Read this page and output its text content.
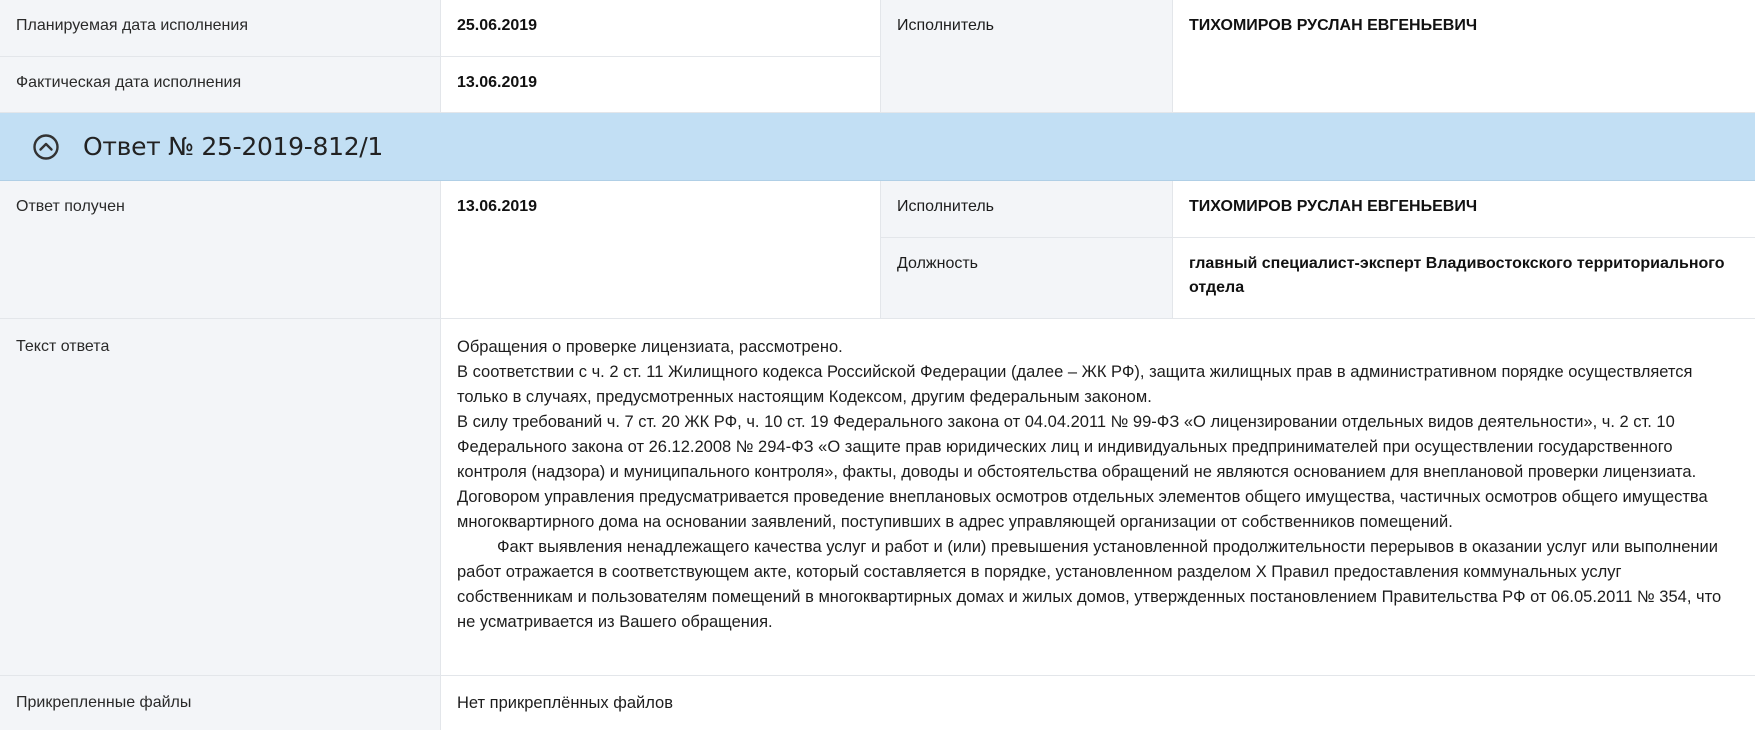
Планируемая дата исполнения	25.06.2019
Фактическая дата исполнения	13.06.2019
Исполнитель	ТИХОМИРОВ РУСЛАН ЕВГЕНЬЕВИЧ
Ответ № 25-2019-812/1
Ответ получен	13.06.2019	Исполнитель	ТИХОМИРОВ РУСЛАН ЕВГЕНЬЕВИЧ
Должность	главный специалист-эксперт Владивостокского территориального отдела
Текст ответа	Обращения о проверке лицензиата, рассмотрено.

В соответствии с ч. 2 ст. 11 Жилищного кодекса Российской Федерации (далее – ЖК РФ), защита жилищных прав в административном порядке осуществляется только в случаях, предусмотренных настоящим Кодексом, другим федеральным законом.

В силу требований ч. 7 ст. 20 ЖК РФ, ч. 10 ст. 19 Федерального закона от 04.04.2011 № 99-ФЗ «О лицензировании отдельных видов деятельности», ч. 2 ст. 10 Федерального закона от 26.12.2008 № 294-ФЗ «О защите прав юридических лиц и индивидуальных предпринимателей при осуществлении государственного контроля (надзора) и муниципального контроля», факты, доводы и обстоятельства обращений не являются основанием для внеплановой проверки лицензиата.

Договором управления предусматривается проведение внеплановых осмотров отдельных элементов общего имущества, частичных осмотров общего имущества многоквартирного дома на основании заявлений, поступивших в адрес управляющей организации от собственников помещений.

Факт выявления ненадлежащего качества услуг и работ и (или) превышения установленной продолжительности перерывов в оказании услуг или выполнении работ отражается в соответствующем акте, который составляется в порядке, установленном разделом X Правил предоставления коммунальных услуг собственникам и пользователям помещений в многоквартирных домах и жилых домов, утвержденных постановлением Правительства РФ от 06.05.2011 № 354, что не усматривается из Вашего обращения.

Прикрепленные файлы	Нет прикреплённых файлов
